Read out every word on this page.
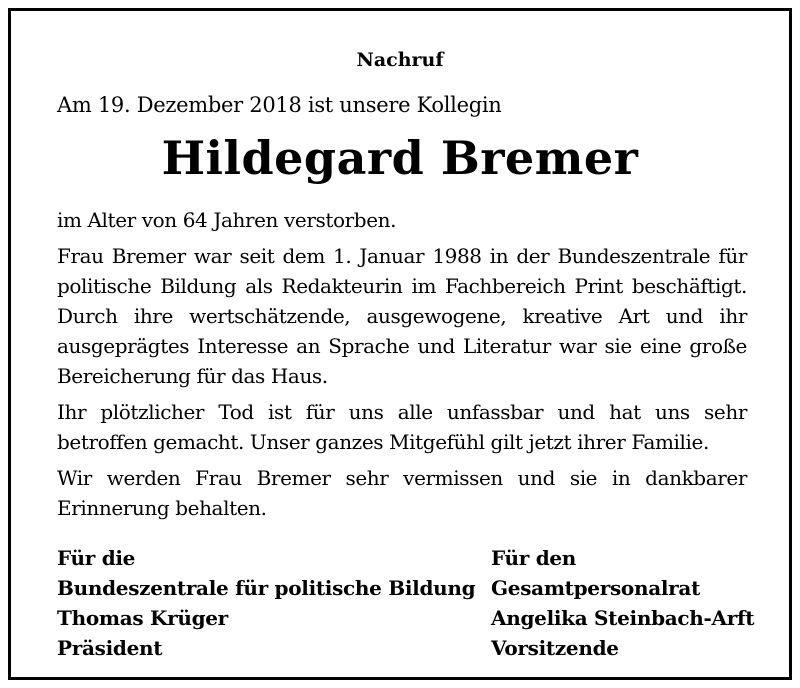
Nachruf
Am 19. Dezember 2018 ist unsere Kollegin
Hildegard Bremer

im Alter von 64 Jahren verstorben.

Frau Bremer war seit dem 1. Januar 1988 in der Bundeszentrale für politische Bildung als Redakteurin im Fachbereich Print beschäftigt. Durch ihre wertschätzende, ausgewogene, kreative Art und ihr ausgeprägtes Interesse an Sprache und Literatur war sie eine große Bereicherung für das Haus.

Ihr plötzlicher Tod ist für uns alle unfassbar und hat uns sehr betroffen gemacht. Unser ganzes Mitgefühl gilt jetzt ihrer Familie.

Wir werden Frau Bremer sehr vermissen und sie in dankbarer Erinnerung behalten.

Für die
Bundeszentrale für politische Bildung
Thomas Krüger
Präsident
Für den
Gesamtpersonalrat
Angelika Steinbach-Arft
Vorsitzende
